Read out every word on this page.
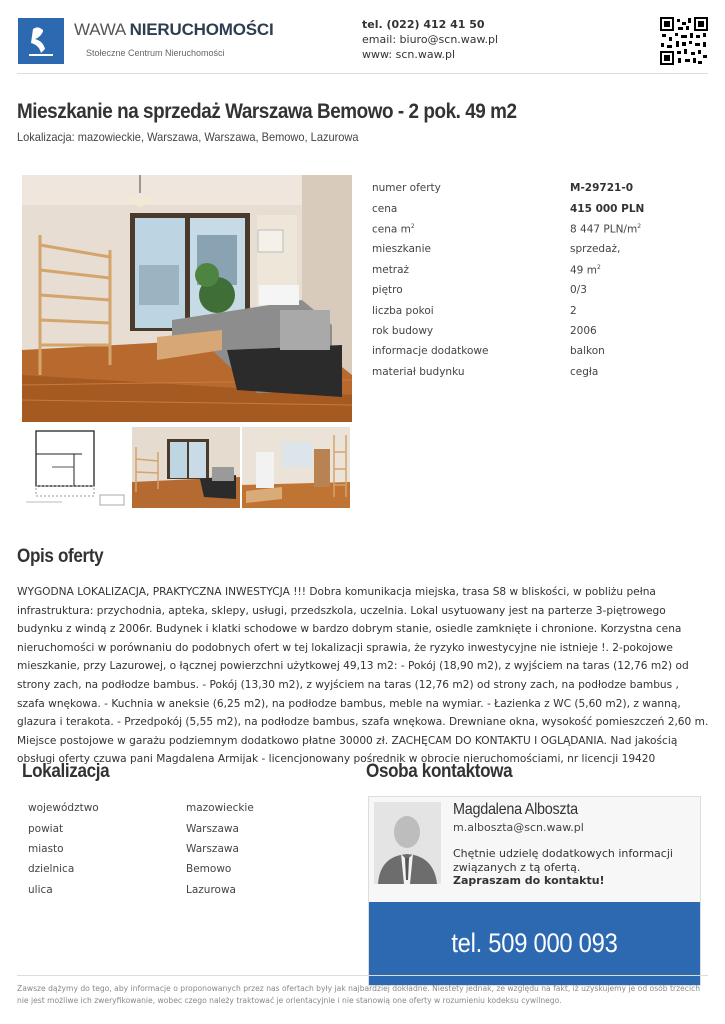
WAWA NIERUCHOMOŚCI
Stołeczne Centrum Nieruchomości
tel. (022) 412 41 50
email: biuro@scn.waw.pl
www: scn.waw.pl
Mieszkanie na sprzedaż Warszawa Bemowo - 2 pok. 49 m2
Lokalizacja: mazowieckie, Warszawa, Warszawa, Bemowo, Lazurowa
numer oferty	M-29721-0
cena	415 000 PLN
cena $m^2$	8 447 PLN/$m^2$
mieszkanie	sprzedaż,
metraż	49 $m^2$
piętro	0/3
liczba pokoi	2
rok budowy	2006
informacje dodatkowe	balkon
materiał budynku	cegła
Opis oferty

WYGODNA LOKALIZACJA, PRAKTYCZNA INWESTYCJA !!! Dobra komunikacja miejska, trasa S8 w bliskości, w pobliżu pełna infrastruktura: przychodnia, apteka, sklepy, usługi, przedszkola, uczelnia. Lokal usytuowany jest na parterze 3-piętrowego budynku z windą z 2006r. Budynek i klatki schodowe w bardzo dobrym stanie, osiedle zamknięte i chronione. Korzystna cena nieruchomości w porównaniu do podobnych ofert w tej lokalizacji sprawia, że ryzyko inwestycyjne nie istnieje !. 2-pokojowe mieszkanie, przy Lazurowej, o łącznej powierzchni użytkowej 49,13 m2: - Pokój (18,90 m2), z wyjściem na taras (12,76 m2) od strony zach, na podłodze bambus. - Pokój (13,30 m2), z wyjściem na taras (12,76 m2) od strony zach, na podłodze bambus , szafa wnękowa. - Kuchnia w aneksie (6,25 m2), na podłodze bambus, meble na wymiar. - Łazienka z WC (5,60 m2), z wanną, glazura i terakota. - Przedpokój (5,55 m2), na podłodze bambus, szafa wnękowa. Drewniane okna, wysokość pomieszczeń 2,60 m. Miejsce postojowe w garażu podziemnym dodatkowo płatne 30000 zł. ZACHĘCAM DO KONTAKTU I OGLĄDANIA. Nad jakością obsługi oferty czuwa pani Magdalena Armijak - licencjonowany pośrednik w obrocie nieruchomościami, nr licencji 19420

Lokalizacja
województwo	mazowieckie
powiat	Warszawa
miasto	Warszawa
dzielnica	Bemowo
ulica	Lazurowa
Osoba kontaktowa
Magdalena Alboszta
m.alboszta@scn.waw.pl
Chętnie udzielę dodatkowych informacji związanych z tą ofertą.
Zapraszam do kontaktu!
tel. 509 000 093
Zawsze dążymy do tego, aby informacje o proponowanych przez nas ofertach były jak najbardziej dokładne. Niestety jednak, ze względu na fakt, iż uzyskujemy je od osób trzecich nie jest możliwe ich zweryfikowanie, wobec czego należy traktować je orientacyjnie i nie stanowią one oferty w rozumieniu kodeksu cywilnego.
